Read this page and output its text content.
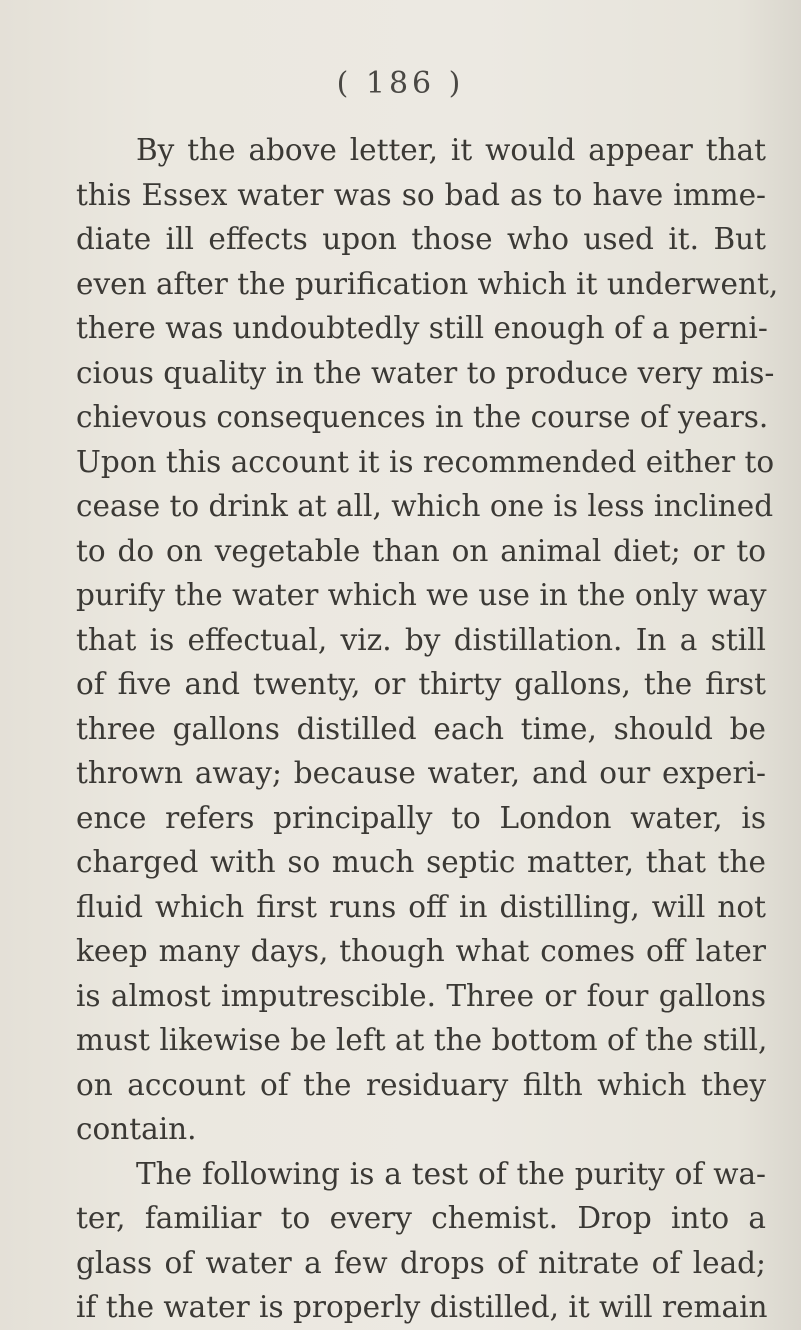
( 186 )
By the above letter, it would appear that
this Essex water was so bad as to have imme-
diate ill effects upon those who used it. But
even after the purification which it underwent,
there was undoubtedly still enough of a perni-
cious quality in the water to produce very mis-
chievous consequences in the course of years.
Upon this account it is recommended either to
cease to drink at all, which one is less inclined
to do on vegetable than on animal diet; or to
purify the water which we use in the only way
that is effectual, viz. by distillation. In a still
of five and twenty, or thirty gallons, the first
three gallons distilled each time, should be
thrown away; because water, and our experi-
ence refers principally to London water, is
charged with so much septic matter, that the
fluid which first runs off in distilling, will not
keep many days, though what comes off later
is almost imputrescible. Three or four gallons
must likewise be left at the bottom of the still,
on account of the residuary filth which they
contain.
The following is a test of the purity of wa-
ter, familiar to every chemist. Drop into a
glass of water a few drops of nitrate of lead;
if the water is properly distilled, it will remain
